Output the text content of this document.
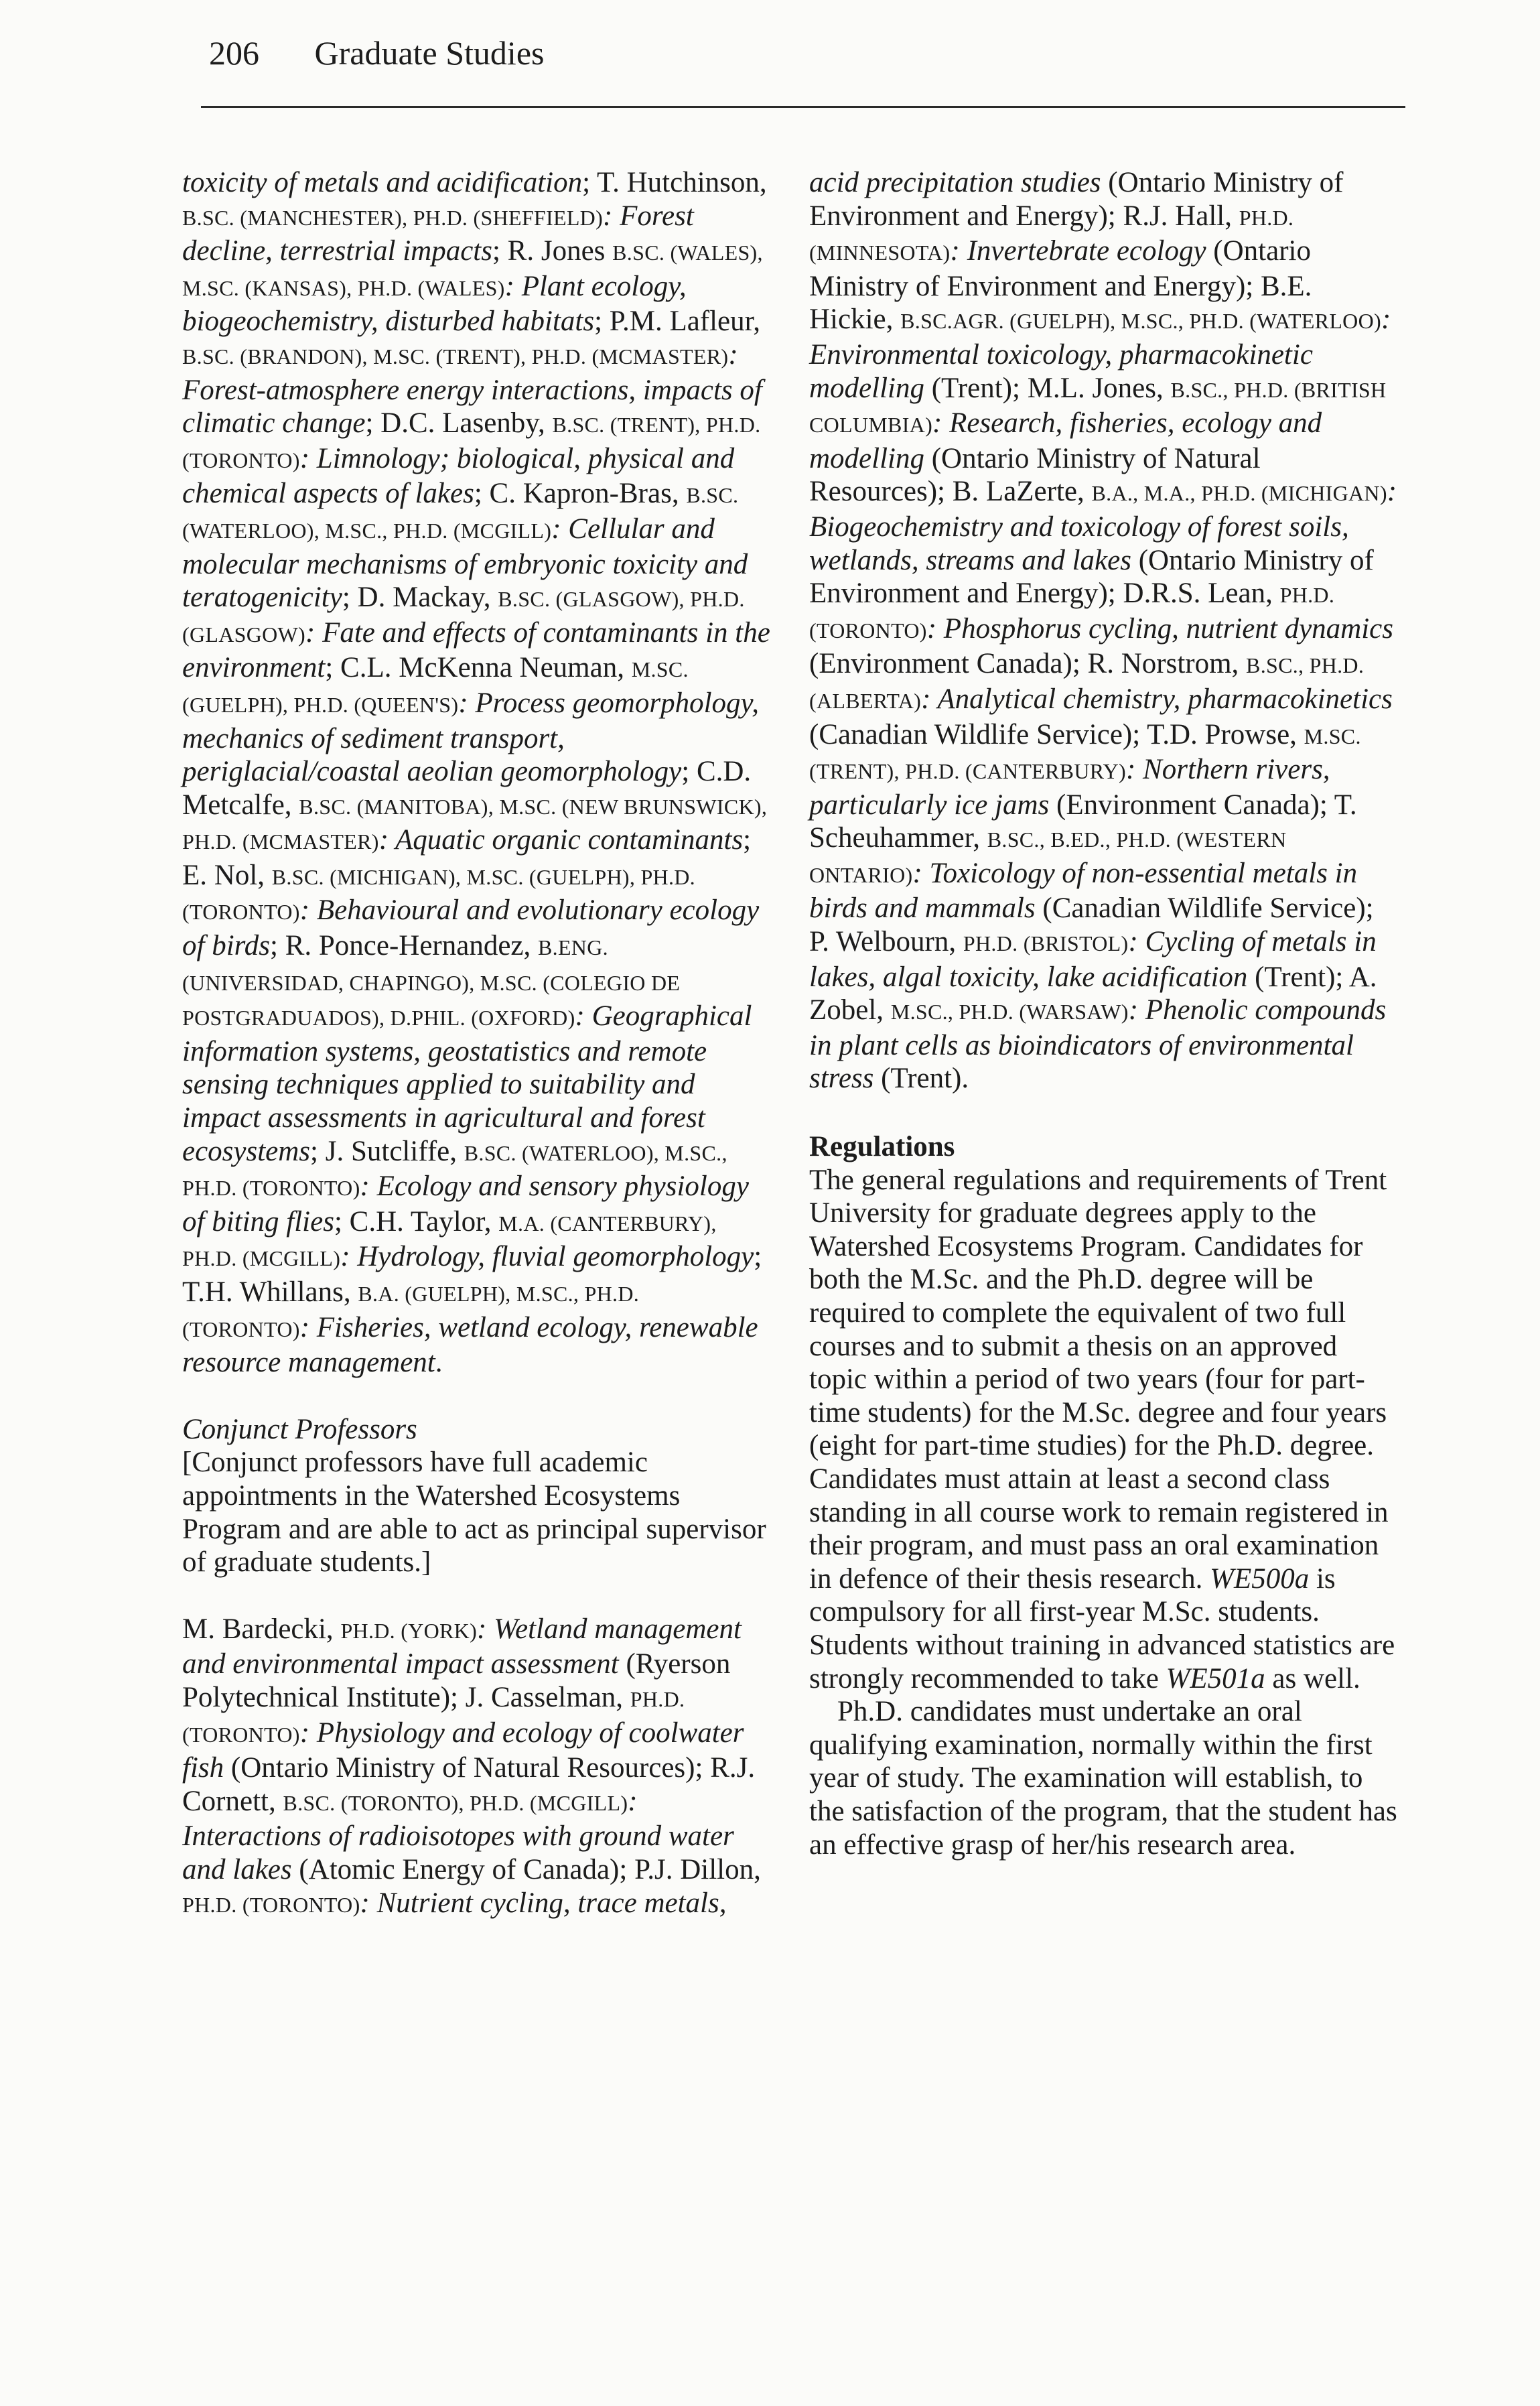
206 Graduate Studies

toxicity of metals and acidification; T. Hutchinson, B.SC. (MANCHESTER), PH.D. (SHEFFIELD): Forest decline, terrestrial impacts; R. Jones B.SC. (WALES), M.SC. (KANSAS), PH.D. (WALES): Plant ecology, biogeochemistry, disturbed habitats; P.M. Lafleur, B.SC. (BRANDON), M.SC. (TRENT), PH.D. (MCMASTER): Forest-atmosphere energy interactions, impacts of climatic change; D.C. Lasenby, B.SC. (TRENT), PH.D. (TORONTO): Limnology; biological, physical and chemical aspects of lakes; C. Kapron-Bras, B.SC. (WATERLOO), M.SC., PH.D. (MCGILL): Cellular and molecular mechanisms of embryonic toxicity and teratogenicity; D. Mackay, B.SC. (GLASGOW), PH.D. (GLASGOW): Fate and effects of contaminants in the environment; C.L. McKenna Neuman, M.SC. (GUELPH), PH.D. (QUEEN'S): Process geomorphology, mechanics of sediment transport, periglacial/coastal aeolian geomorphology; C.D. Metcalfe, B.SC. (MANITOBA), M.SC. (NEW BRUNSWICK), PH.D. (MCMASTER): Aquatic organic contaminants; E. Nol, B.SC. (MICHIGAN), M.SC. (GUELPH), PH.D. (TORONTO): Behavioural and evolutionary ecology of birds; R. Ponce-Hernandez, B.ENG. (UNIVERSIDAD, CHAPINGO), M.SC. (COLEGIO DE POSTGRADUADOS), D.PHIL. (OXFORD): Geographical information systems, geostatistics and remote sensing techniques applied to suitability and impact assessments in agricultural and forest ecosystems; J. Sutcliffe, B.SC. (WATERLOO), M.SC., PH.D. (TORONTO): Ecology and sensory physiology of biting flies; C.H. Taylor, M.A. (CANTERBURY), PH.D. (MCGILL): Hydrology, fluvial geomorphology; T.H. Whillans, B.A. (GUELPH), M.SC., PH.D. (TORONTO): Fisheries, wetland ecology, renewable resource management.

Conjunct Professors

[Conjunct professors have full academic appointments in the Watershed Ecosystems Program and are able to act as principal supervisor of graduate students.]

M. Bardecki, PH.D. (YORK): Wetland management and environmental impact assessment (Ryerson Polytechnical Institute); J. Casselman, PH.D. (TORONTO): Physiology and ecology of coolwater fish (Ontario Ministry of Natural Resources); R.J. Cornett, B.SC. (TORONTO), PH.D. (MCGILL): Interactions of radioisotopes with ground water and lakes (Atomic Energy of Canada); P.J. Dillon, PH.D. (TORONTO): Nutrient cycling, trace metals,

acid precipitation studies (Ontario Ministry of Environment and Energy); R.J. Hall, PH.D. (MINNESOTA): Invertebrate ecology (Ontario Ministry of Environment and Energy); B.E. Hickie, B.SC.AGR. (GUELPH), M.SC., PH.D. (WATERLOO): Environmental toxicology, pharmacokinetic modelling (Trent); M.L. Jones, B.SC., PH.D. (BRITISH COLUMBIA): Research, fisheries, ecology and modelling (Ontario Ministry of Natural Resources); B. LaZerte, B.A., M.A., PH.D. (MICHIGAN): Biogeochemistry and toxicology of forest soils, wetlands, streams and lakes (Ontario Ministry of Environment and Energy); D.R.S. Lean, PH.D. (TORONTO): Phosphorus cycling, nutrient dynamics (Environment Canada); R. Norstrom, B.SC., PH.D. (ALBERTA): Analytical chemistry, pharmacokinetics (Canadian Wildlife Service); T.D. Prowse, M.SC. (TRENT), PH.D. (CANTERBURY): Northern rivers, particularly ice jams (Environment Canada); T. Scheuhammer, B.SC., B.ED., PH.D. (WESTERN ONTARIO): Toxicology of non-essential metals in birds and mammals (Canadian Wildlife Service); P. Welbourn, PH.D. (BRISTOL): Cycling of metals in lakes, algal toxicity, lake acidification (Trent); A. Zobel, M.SC., PH.D. (WARSAW): Phenolic compounds in plant cells as bioindicators of environmental stress (Trent).

Regulations

The general regulations and requirements of Trent University for graduate degrees apply to the Watershed Ecosystems Program. Candidates for both the M.Sc. and the Ph.D. degree will be required to complete the equivalent of two full courses and to submit a thesis on an approved topic within a period of two years (four for part-time students) for the M.Sc. degree and four years (eight for part-time studies) for the Ph.D. degree. Candidates must attain at least a second class standing in all course work to remain registered in their program, and must pass an oral examination in defence of their thesis research. WE500a is compulsory for all first-year M.Sc. students. Students without training in advanced statistics are strongly recommended to take WE501a as well.

Ph.D. candidates must undertake an oral qualifying examination, normally within the first year of study. The examination will establish, to the satisfaction of the program, that the student has an effective grasp of her/his research area.
